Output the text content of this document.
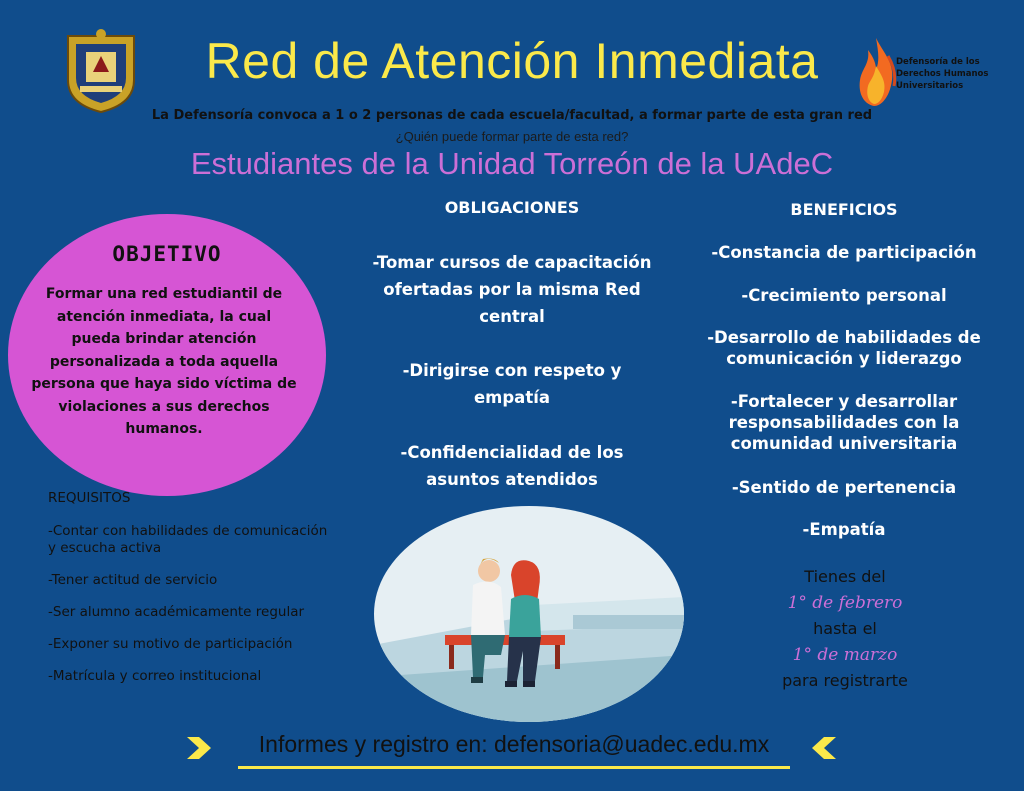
Defensoría de los
Derechos Humanos
Universitarios
Red de Atención Inmediata
La Defensoría convoca a 1 o 2 personas de cada escuela/facultad, a formar parte de esta gran red
¿Quién puede formar parte de esta red?
Estudiantes de la Unidad Torreón de la UAdeC
OBJETIVO
Formar una red estudiantil de atención inmediata, la cual pueda brindar atención personalizada a toda aquella persona que haya sido víctima de violaciones a sus derechos humanos.
REQUISITOS
-Contar con habilidades de comunicación y escucha activa
-Tener actitud de servicio
-Ser alumno académicamente regular
-Exponer su motivo de participación
-Matrícula y correo institucional
OBLIGACIONES
-Tomar cursos de capacitación ofertadas por la misma Red central
-Dirigirse con respeto y empatía
-Confidencialidad de los asuntos atendidos
BENEFICIOS
-Constancia de participación
-Crecimiento personal
-Desarrollo de habilidades de comunicación y liderazgo
-Fortalecer y desarrollar responsabilidades con la comunidad universitaria
-Sentido de pertenencia
-Empatía
Tienes del
1° de febrero
hasta el
1° de marzo
para registrarte
Informes y registro en: defensoria@uadec.edu.mx
